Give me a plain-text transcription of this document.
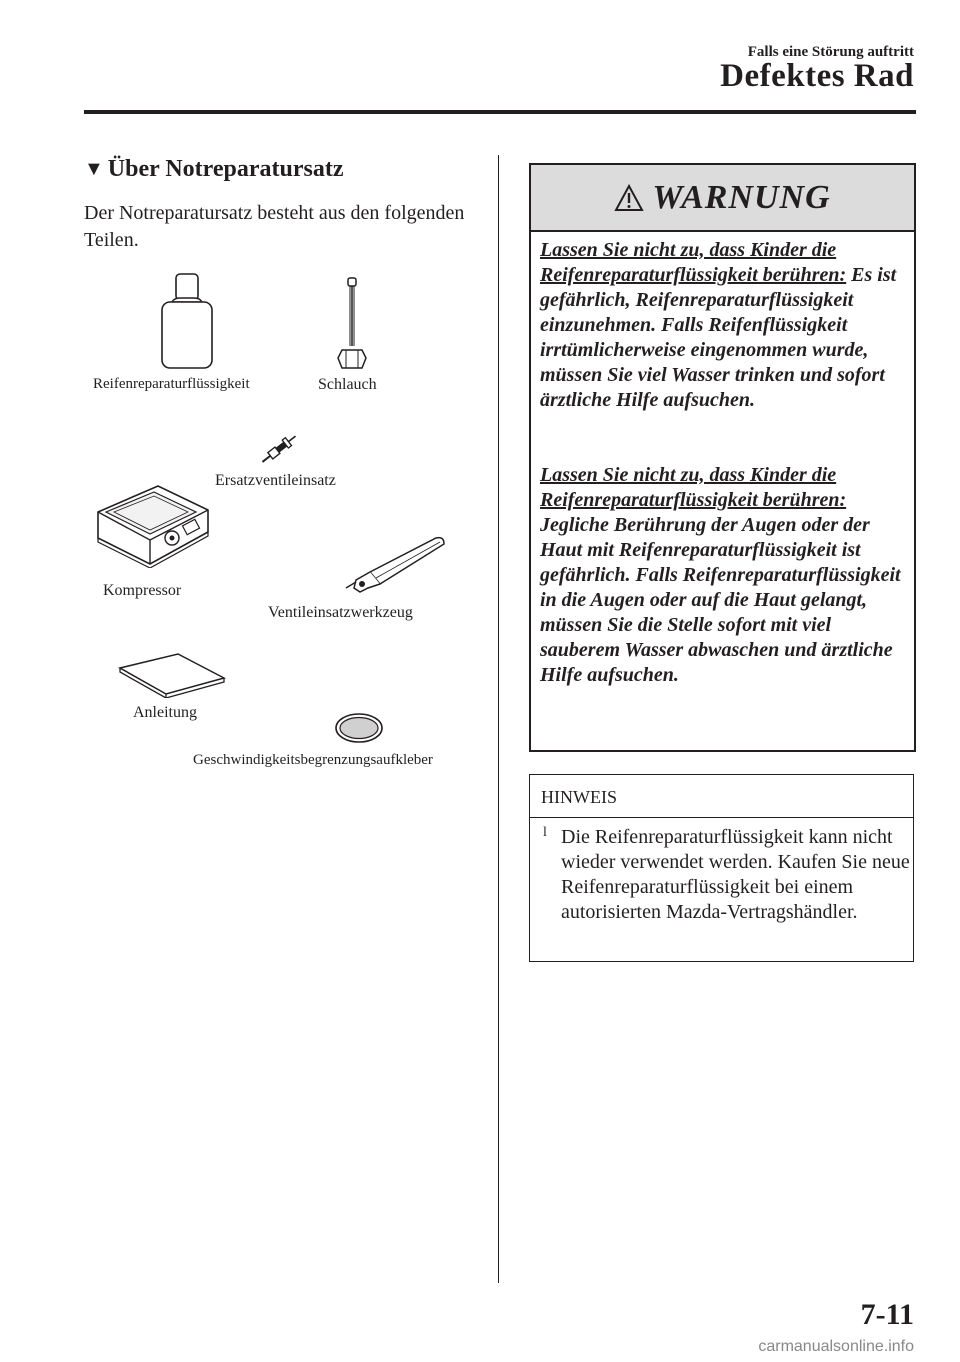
Falls eine Störung auftritt
Defektes Rad
▼ Über Notreparatursatz
Der Notreparatursatz besteht aus den folgenden Teilen.
Reifenreparaturflüssigkeit	Schlauch
Ersatzventileinsatz
Kompressor
Ventileinsatzwerkzeug
Anleitung
Geschwindigkeitsbegrenzungsaufkleber
WARNUNG
Lassen Sie nicht zu, dass Kinder die Reifenreparaturflüssigkeit berühren: Es ist gefährlich, Reifenreparaturflüssigkeit einzunehmen. Falls Reifenflüssigkeit irrtümlicherweise eingenommen wurde, müssen Sie viel Wasser trinken und sofort ärztliche Hilfe aufsuchen.
Lassen Sie nicht zu, dass Kinder die Reifenreparaturflüssigkeit berühren: Jegliche Berührung der Augen oder der Haut mit Reifenreparaturflüssigkeit ist gefährlich. Falls Reifenreparaturflüssigkeit in die Augen oder auf die Haut gelangt, müssen Sie die Stelle sofort mit viel sauberem Wasser abwaschen und ärztliche Hilfe aufsuchen.
HINWEIS
l Die Reifenreparaturflüssigkeit kann nicht wieder verwendet werden. Kaufen Sie neue Reifenreparaturflüssigkeit bei einem autorisierten Mazda-Vertragshändler.
7-11
carmanualsonline.info
